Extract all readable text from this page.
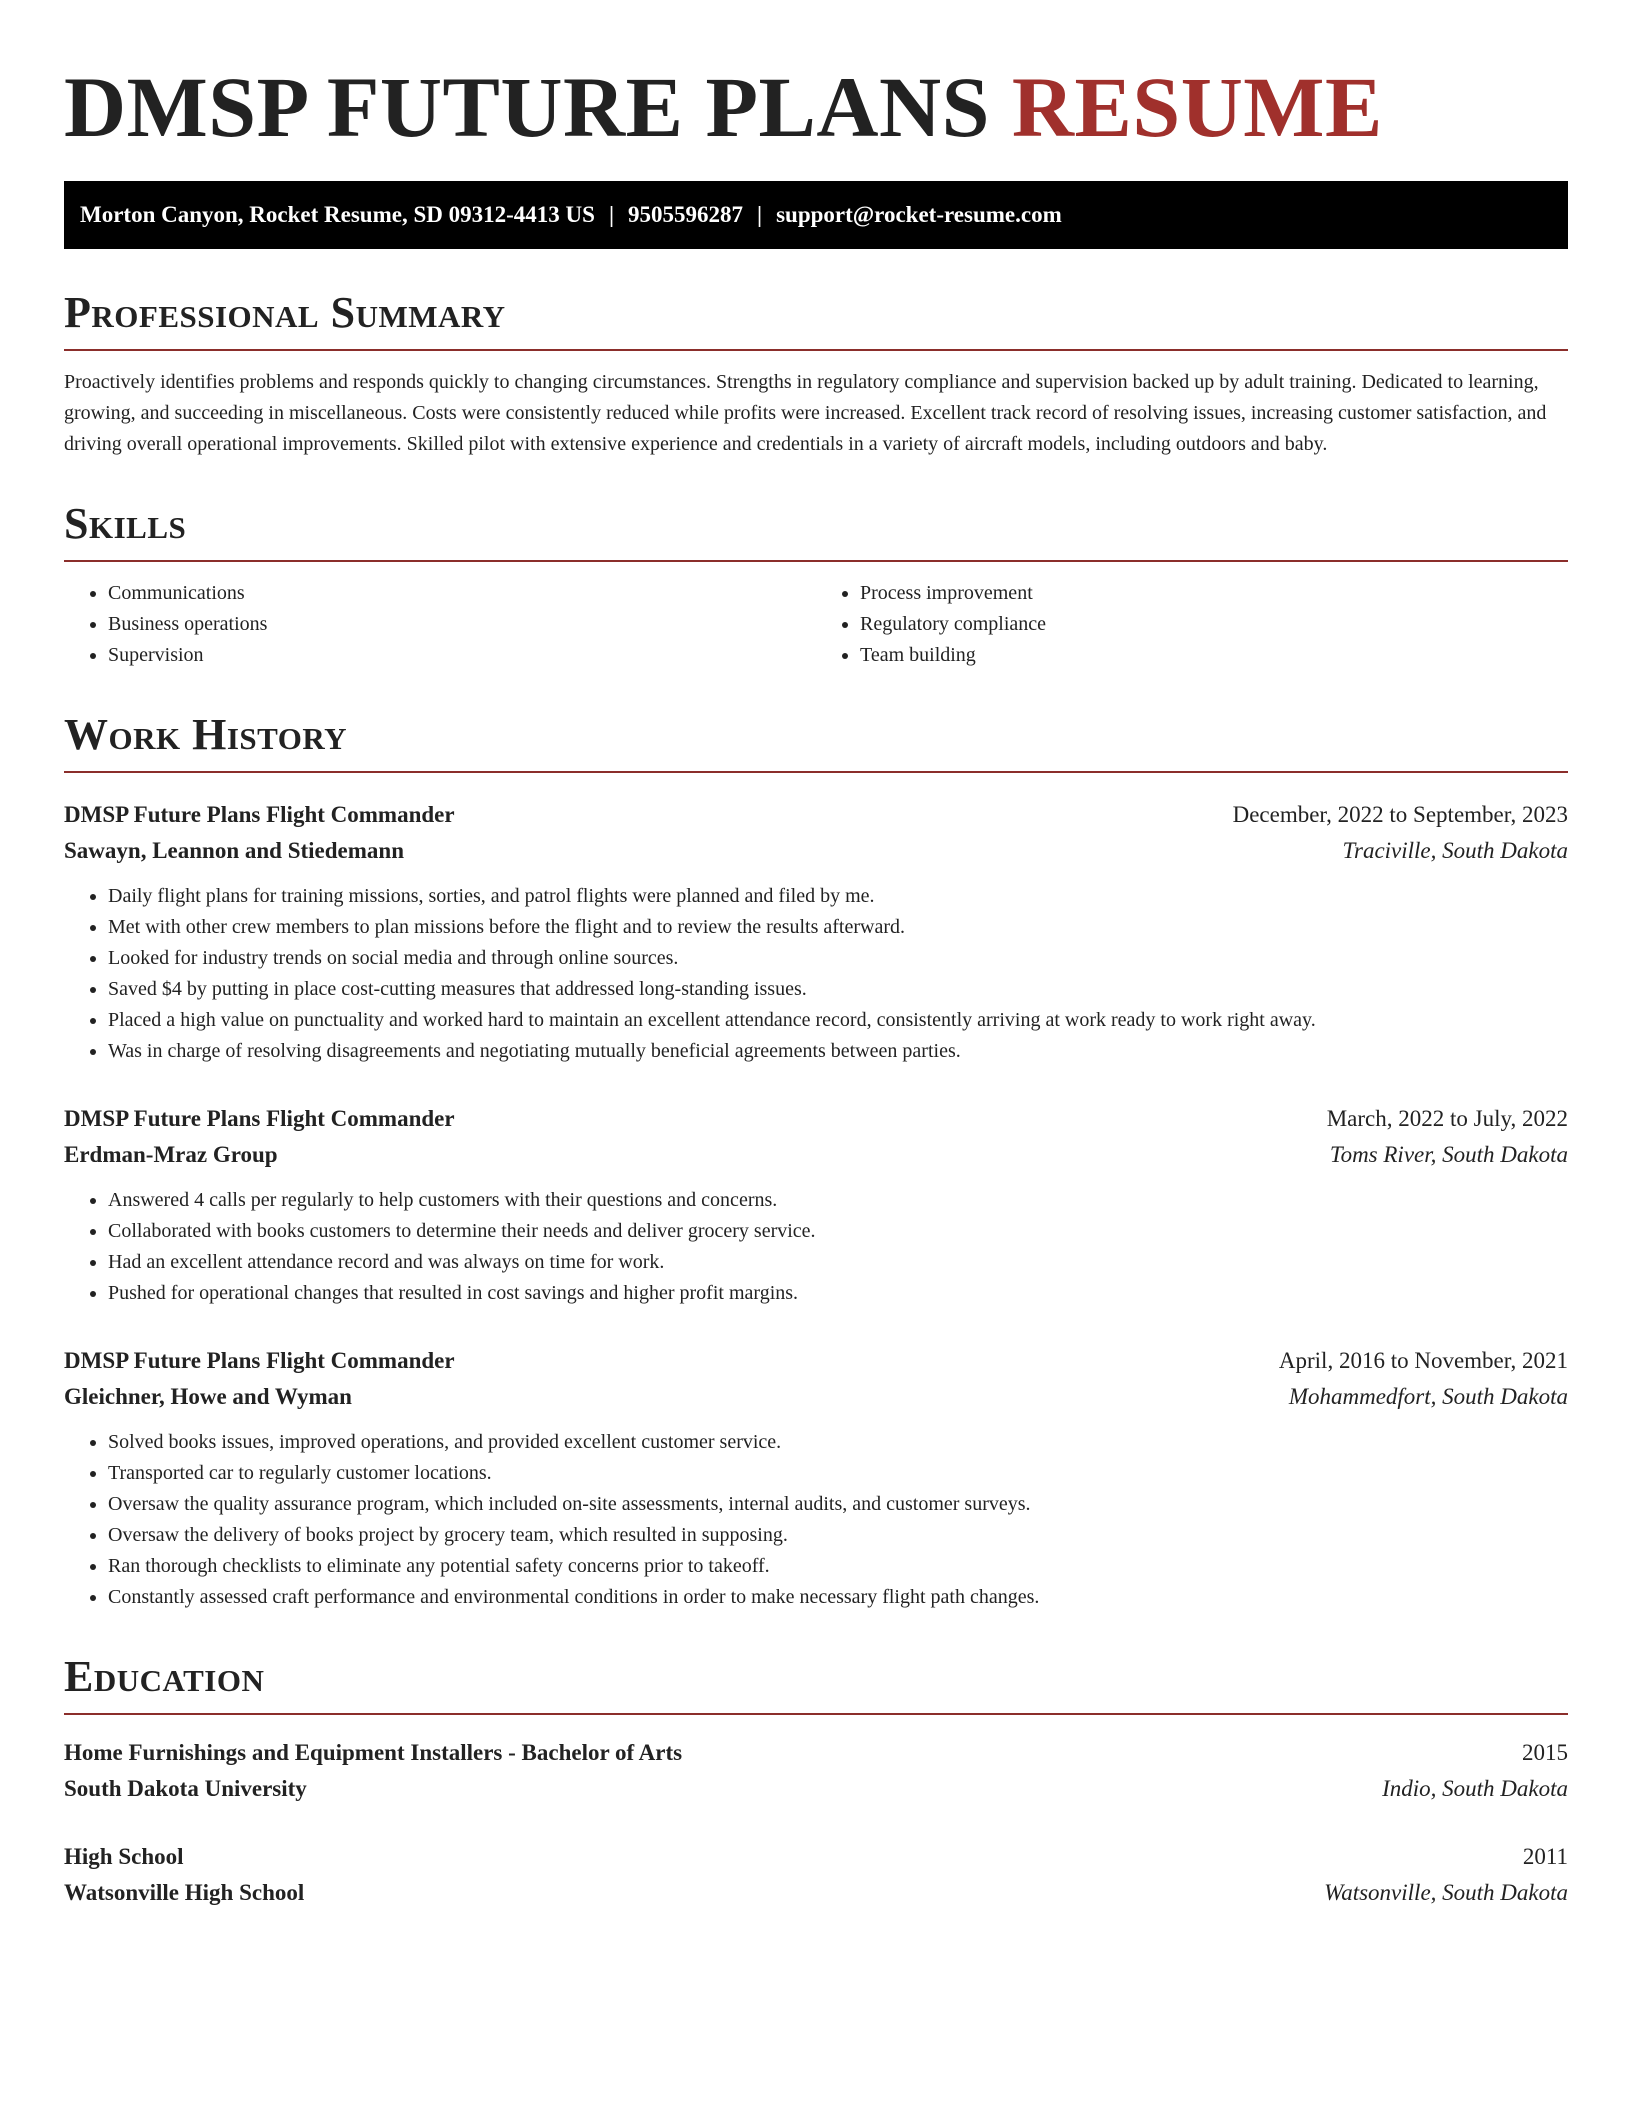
DMSP FUTURE PLANS RESUME
Morton Canyon, Rocket Resume, SD 09312-4413 US | 9505596287 | support@rocket-resume.com
Professional Summary

Proactively identifies problems and responds quickly to changing circumstances. Strengths in regulatory compliance and supervision backed up by adult training. Dedicated to learning, growing, and succeeding in miscellaneous. Costs were consistently reduced while profits were increased. Excellent track record of resolving issues, increasing customer satisfaction, and driving overall operational improvements. Skilled pilot with extensive experience and credentials in a variety of aircraft models, including outdoors and baby.

Skills
• Communications
• Business operations
• Supervision
• Process improvement
• Regulatory compliance
• Team building
Work History
DMSP Future Plans Flight Commander	December, 2022 to September, 2023
Sawayn, Leannon and Stiedemann	Traciville, South Dakota
• Daily flight plans for training missions, sorties, and patrol flights were planned and filed by me.
• Met with other crew members to plan missions before the flight and to review the results afterward.
• Looked for industry trends on social media and through online sources.
• Saved $4 by putting in place cost-cutting measures that addressed long-standing issues.
• Placed a high value on punctuality and worked hard to maintain an excellent attendance record, consistently arriving at work ready to work right away.
• Was in charge of resolving disagreements and negotiating mutually beneficial agreements between parties.
DMSP Future Plans Flight Commander	March, 2022 to July, 2022
Erdman-Mraz Group	Toms River, South Dakota
• Answered 4 calls per regularly to help customers with their questions and concerns.
• Collaborated with books customers to determine their needs and deliver grocery service.
• Had an excellent attendance record and was always on time for work.
• Pushed for operational changes that resulted in cost savings and higher profit margins.
DMSP Future Plans Flight Commander	April, 2016 to November, 2021
Gleichner, Howe and Wyman	Mohammedfort, South Dakota
• Solved books issues, improved operations, and provided excellent customer service.
• Transported car to regularly customer locations.
• Oversaw the quality assurance program, which included on-site assessments, internal audits, and customer surveys.
• Oversaw the delivery of books project by grocery team, which resulted in supposing.
• Ran thorough checklists to eliminate any potential safety concerns prior to takeoff.
• Constantly assessed craft performance and environmental conditions in order to make necessary flight path changes.
Education
Home Furnishings and Equipment Installers - Bachelor of Arts	2015
South Dakota University	Indio, South Dakota
High School	2011
Watsonville High School	Watsonville, South Dakota
